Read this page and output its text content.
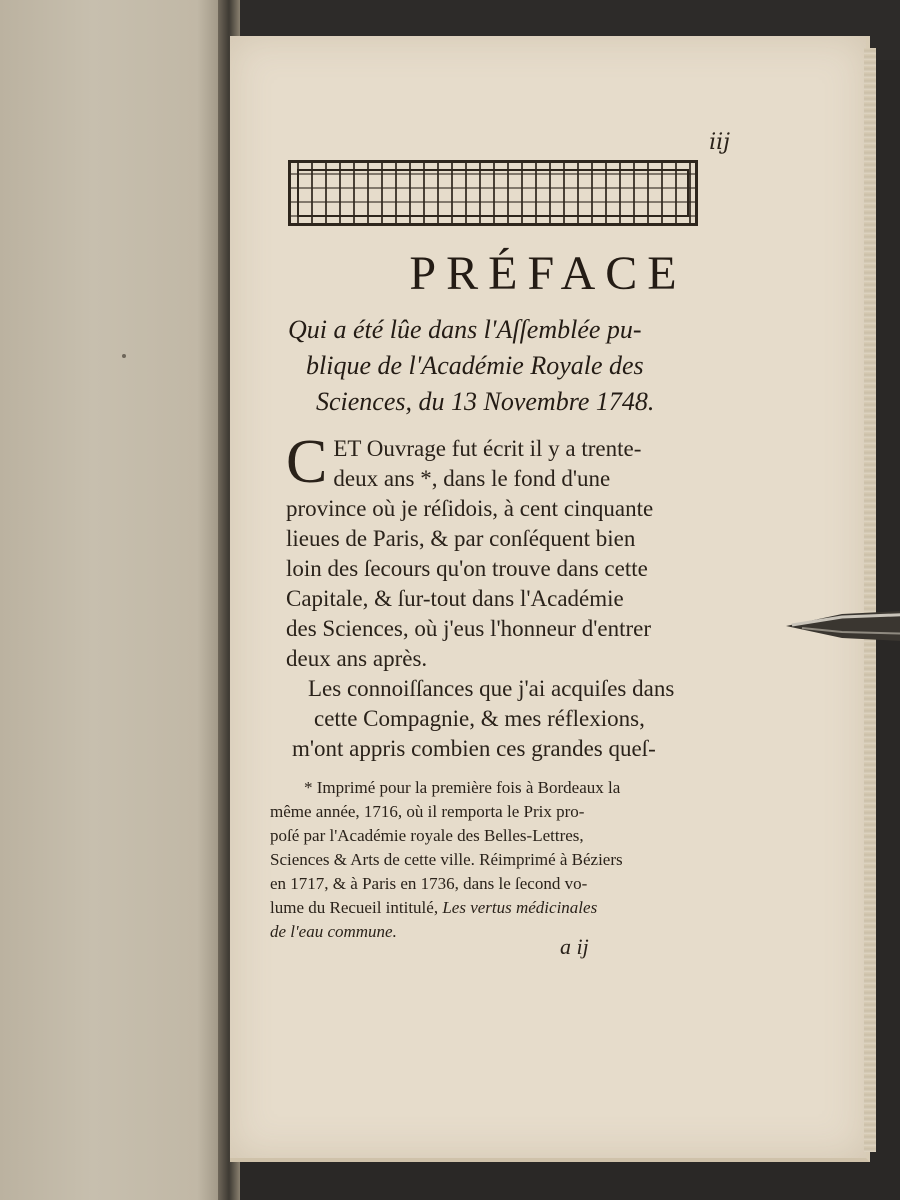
iij
PRÉFACE
Qui a été lûe dans l'Aſſemblée pu-
blique de l'Académie Royale des
Sciences, du 13 Novembre 1748.
C ET Ouvrage fut écrit il y a trente-
deux ans *, dans le fond d'une
province où je réſidois, à cent cinquante
lieues de Paris, & par conſéquent bien
loin des ſecours qu'on trouve dans cette
Capitale, & ſur-tout dans l'Académie
des Sciences, où j'eus l'honneur d'entrer
deux ans après.
Les connoiſſances que j'ai acquiſes dans
cette Compagnie, & mes réflexions,
m'ont appris combien ces grandes queſ-
* Imprimé pour la première fois à Bordeaux la
même année, 1716, où il remporta le Prix pro-
poſé par l'Académie royale des Belles-Lettres,
Sciences & Arts de cette ville. Réimprimé à Béziers
en 1717, & à Paris en 1736, dans le ſecond vo-
lume du Recueil intitulé, Les vertus médicinales
de l'eau commune.
a ij
